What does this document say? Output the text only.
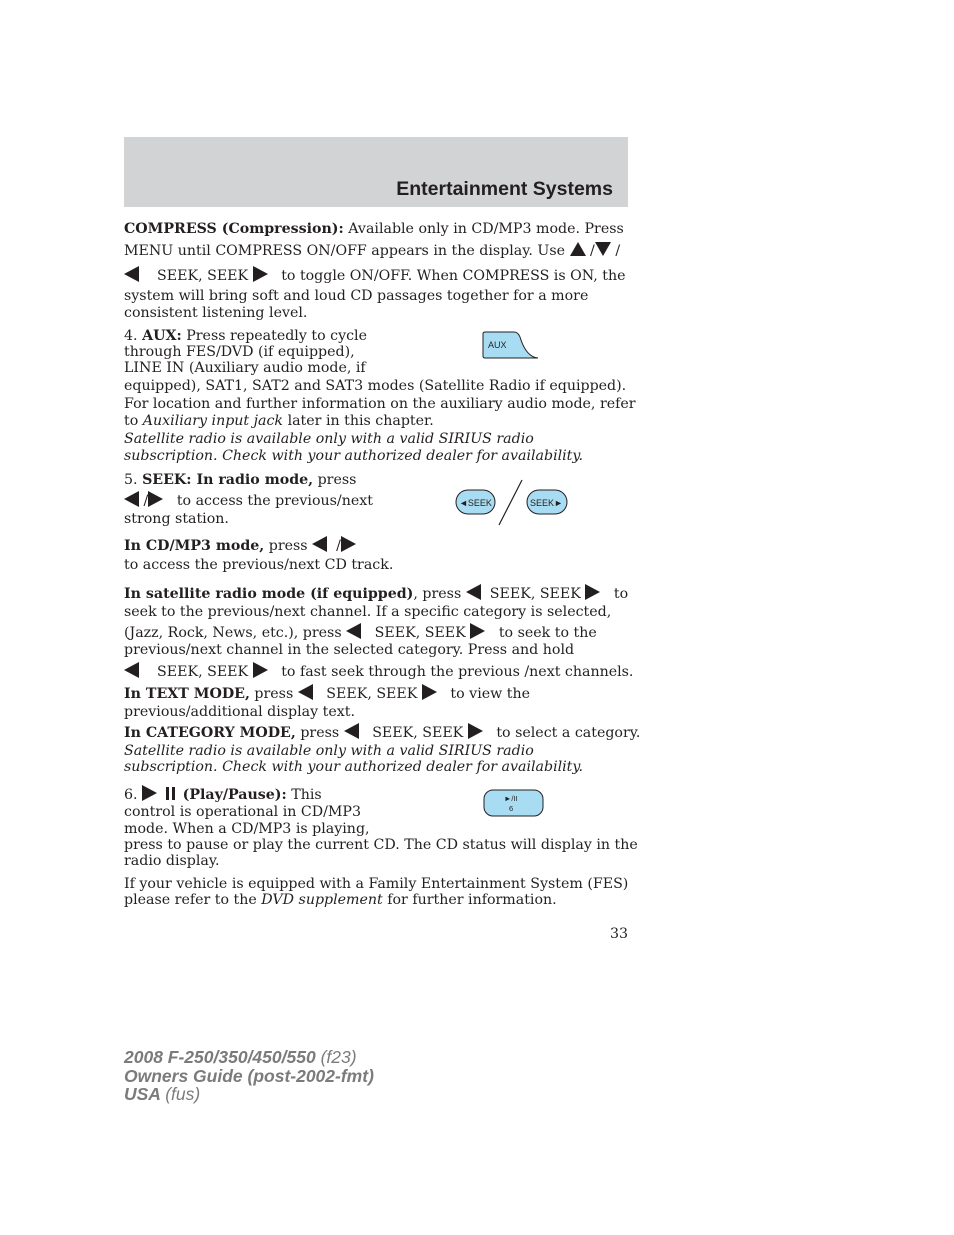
Entertainment Systems
COMPRESS (Compression): Available only in CD/MP3 mode. Press
MENU until COMPRESS ON/OFF appears in the display. Use  / /
SEEK, SEEK to toggle ON/OFF. When COMPRESS is ON, the
system will bring soft and loud CD passages together for a more
consistent listening level.
4. AUX: Press repeatedly to cycle
through FES/DVD (if equipped),
LINE IN (Auxiliary audio mode, if
equipped), SAT1, SAT2 and SAT3 modes (Satellite Radio if equipped).
For location and further information on the auxiliary audio mode, refer
to Auxiliary input jack later in this chapter.
Satellite radio is available only with a valid SIRIUS radio
subscription. Check with your authorized dealer for availability.
AUX
5. SEEK: In radio mode, press
/ to access the previous/next
strong station.
◄SEEK	SEEK►
In CD/MP3 mode, press   /
to access the previous/next CD track.
In satellite radio mode (if equipped), press SEEK, SEEK to
seek to the previous/next channel. If a specific category is selected,
(Jazz, Rock, News, etc.), press SEEK, SEEK to seek to the
previous/next channel in the selected category. Press and hold
SEEK, SEEK to fast seek through the previous /next channels.
In TEXT MODE, press SEEK, SEEK to view the
previous/additional display text.
In CATEGORY MODE, press SEEK, SEEK to select a category.
Satellite radio is available only with a valid SIRIUS radio
subscription. Check with your authorized dealer for availability.
6.	(Play/Pause): This
control is operational in CD/MP3
mode. When a CD/MP3 is playing,
press to pause or play the current CD. The CD status will display in the
radio display.
►/II
6
If your vehicle is equipped with a Family Entertainment System (FES)
please refer to the DVD supplement for further information.
33
2008 F-250/350/450/550 (f23)
Owners Guide (post-2002-fmt)
USA (fus)
